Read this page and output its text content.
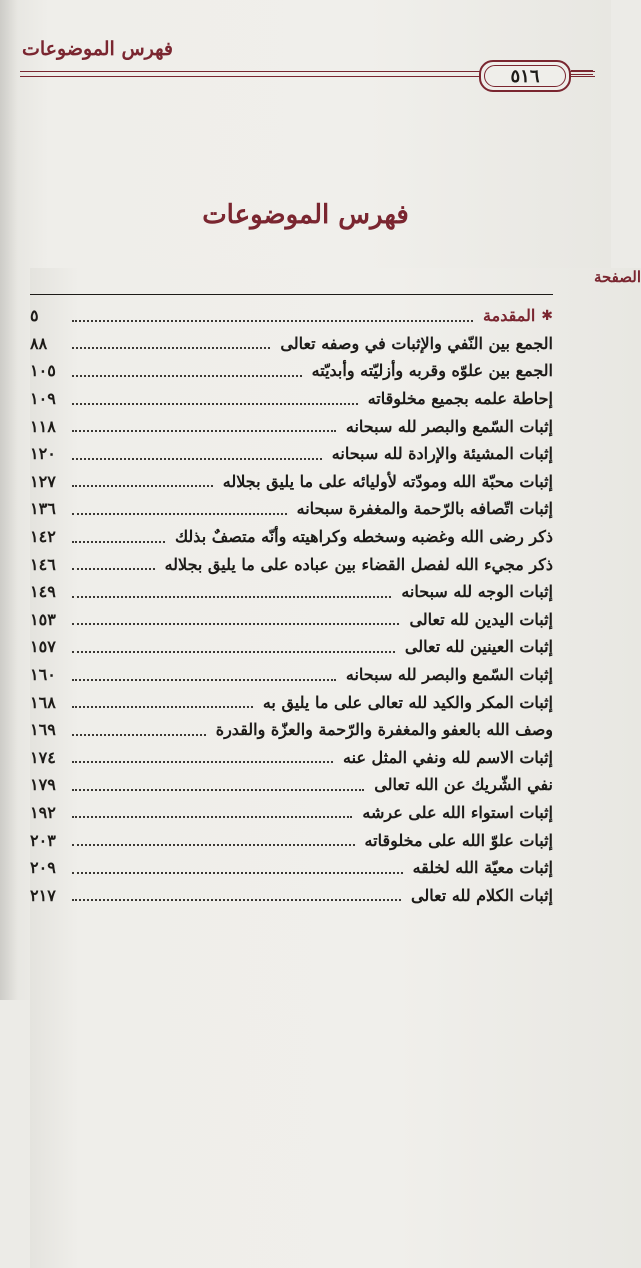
فهرس الموضوعات
٥١٦
فهرس الموضوعات
الصفحة
✱
المقدمة
٥
الجمع بين النّفي والإثبات في وصفه تعالى
٨٨
الجمع بين علوّه وقربه وأزليّته وأبديّته
١٠٥
إحاطة علمه بجميع مخلوقاته
١٠٩
إثبات السّمع والبصر لله سبحانه
١١٨
إثبات المشيئة والإرادة لله سبحانه
١٢٠
إثبات محبّة الله ومودّته لأوليائه على ما يليق بجلاله
١٢٧
إثبات اتّصافه بالرّحمة والمغفرة سبحانه
١٣٦
ذكر رضى الله وغضبه وسخطه وكراهيته وأنّه متصفٌ بذلك
١٤٢
ذكر مجيء الله لفصل القضاء بين عباده على ما يليق بجلاله
١٤٦
إثبات الوجه لله سبحانه
١٤٩
إثبات اليدين لله تعالى
١٥٣
إثبات العينين لله تعالى
١٥٧
إثبات السّمع والبصر لله سبحانه
١٦٠
إثبات المكر والكيد لله تعالى على ما يليق به
١٦٨
وصف الله بالعفو والمغفرة والرّحمة والعزّة والقدرة
١٦٩
إثبات الاسم لله ونفي المثل عنه
١٧٤
نفي الشّريك عن الله تعالى
١٧٩
إثبات استواء الله على عرشه
١٩٢
إثبات علوّ الله على مخلوقاته
٢٠٣
إثبات معيّة الله لخلقه
٢٠٩
إثبات الكلام لله تعالى
٢١٧
